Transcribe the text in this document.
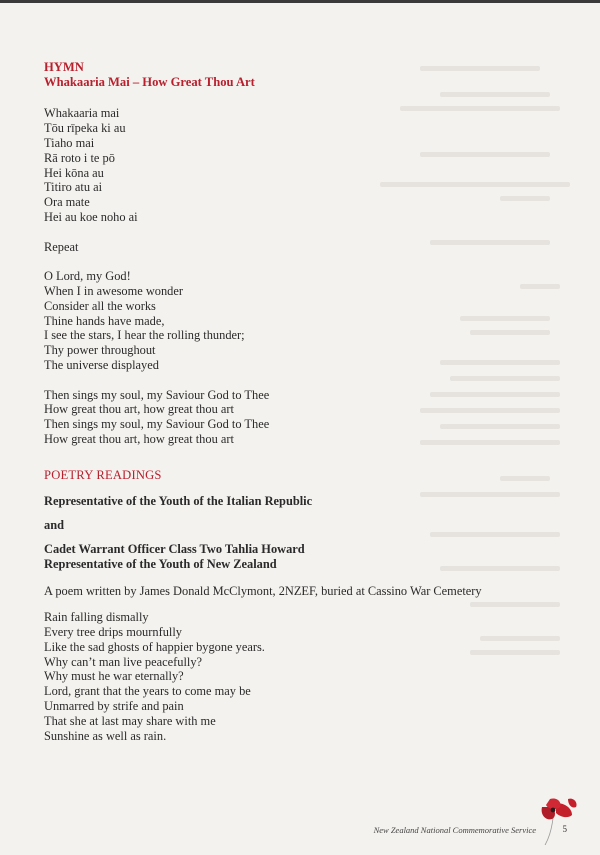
HYMN

Whakaaria Mai – How Great Thou Art

Whakaaria mai

Tōu rīpeka ki au

Tiaho mai

Rā roto i te pō

Hei kōna au

Titiro atu ai

Ora mate

Hei au koe noho ai

Repeat

O Lord, my God!

When I in awesome wonder

Consider all the works

Thine hands have made,

I see the stars, I hear the rolling thunder;

Thy power throughout

The universe displayed

Then sings my soul, my Saviour God to Thee

How great thou art, how great thou art

Then sings my soul, my Saviour God to Thee

How great thou art, how great thou art

POETRY READINGS

Representative of the Youth of the Italian Republic

and

Cadet Warrant Officer Class Two Tahlia Howard

Representative of the Youth of New Zealand

A poem written by James Donald McClymont, 2NZEF, buried at Cassino War Cemetery

Rain falling dismally

Every tree drips mournfully

Like the sad ghosts of happier bygone years.

Why can’t man live peacefully?

Why must he war eternally?

Lord, grant that the years to come may be

Unmarred by strife and pain

That she at last may share with me

Sunshine as well as rain.

New Zealand National Commemorative Service	5
